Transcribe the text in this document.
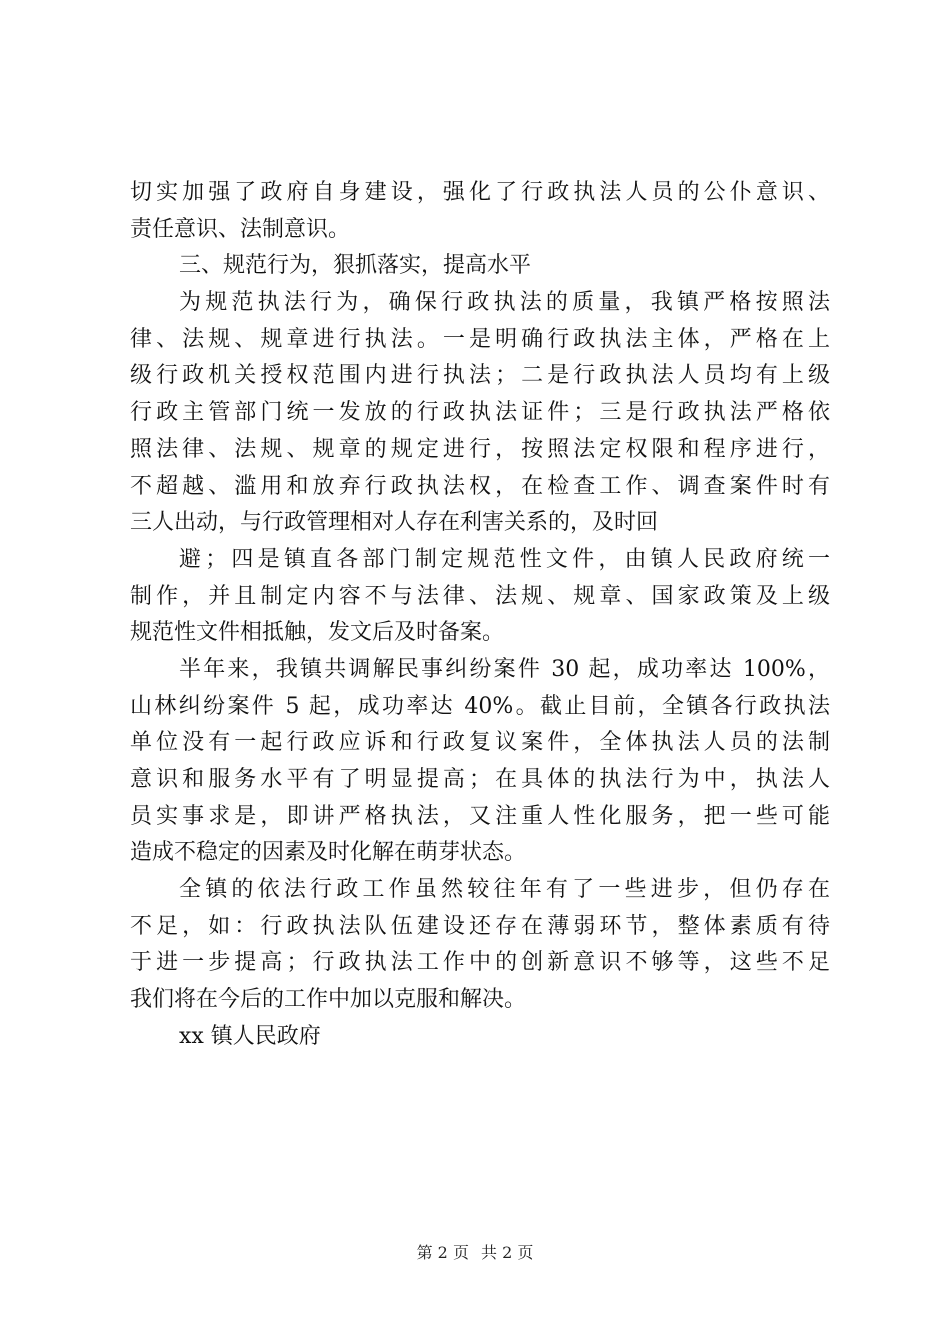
切实加强了政府自身建设，强化了行政执法人员的公仆意识、
责任意识、法制意识。
三、规范行为，狠抓落实，提高水平
为规范执法行为，确保行政执法的质量，我镇严格按照法
律、法规、规章进行执法。一是明确行政执法主体，严格在上
级行政机关授权范围内进行执法；二是行政执法人员均有上级
行政主管部门统一发放的行政执法证件；三是行政执法严格依
照法律、法规、规章的规定进行，按照法定权限和程序进行，
不超越、滥用和放弃行政执法权，在检查工作、调查案件时有
三人出动，与行政管理相对人存在利害关系的，及时回
避；四是镇直各部门制定规范性文件，由镇人民政府统一
制作，并且制定内容不与法律、法规、规章、国家政策及上级
规范性文件相抵触，发文后及时备案。
半年来，我镇共调解民事纠纷案件 30 起，成功率达 100%，
山林纠纷案件 5 起，成功率达 40%。截止目前，全镇各行政执法
单位没有一起行政应诉和行政复议案件，全体执法人员的法制
意识和服务水平有了明显提高；在具体的执法行为中，执法人
员实事求是，即讲严格执法，又注重人性化服务，把一些可能
造成不稳定的因素及时化解在萌芽状态。
全镇的依法行政工作虽然较往年有了一些进步，但仍存在
不足，如：行政执法队伍建设还存在薄弱环节，整体素质有待
于进一步提高；行政执法工作中的创新意识不够等，这些不足
我们将在今后的工作中加以克服和解决。
xx 镇人民政府
第 2 页 共 2 页
